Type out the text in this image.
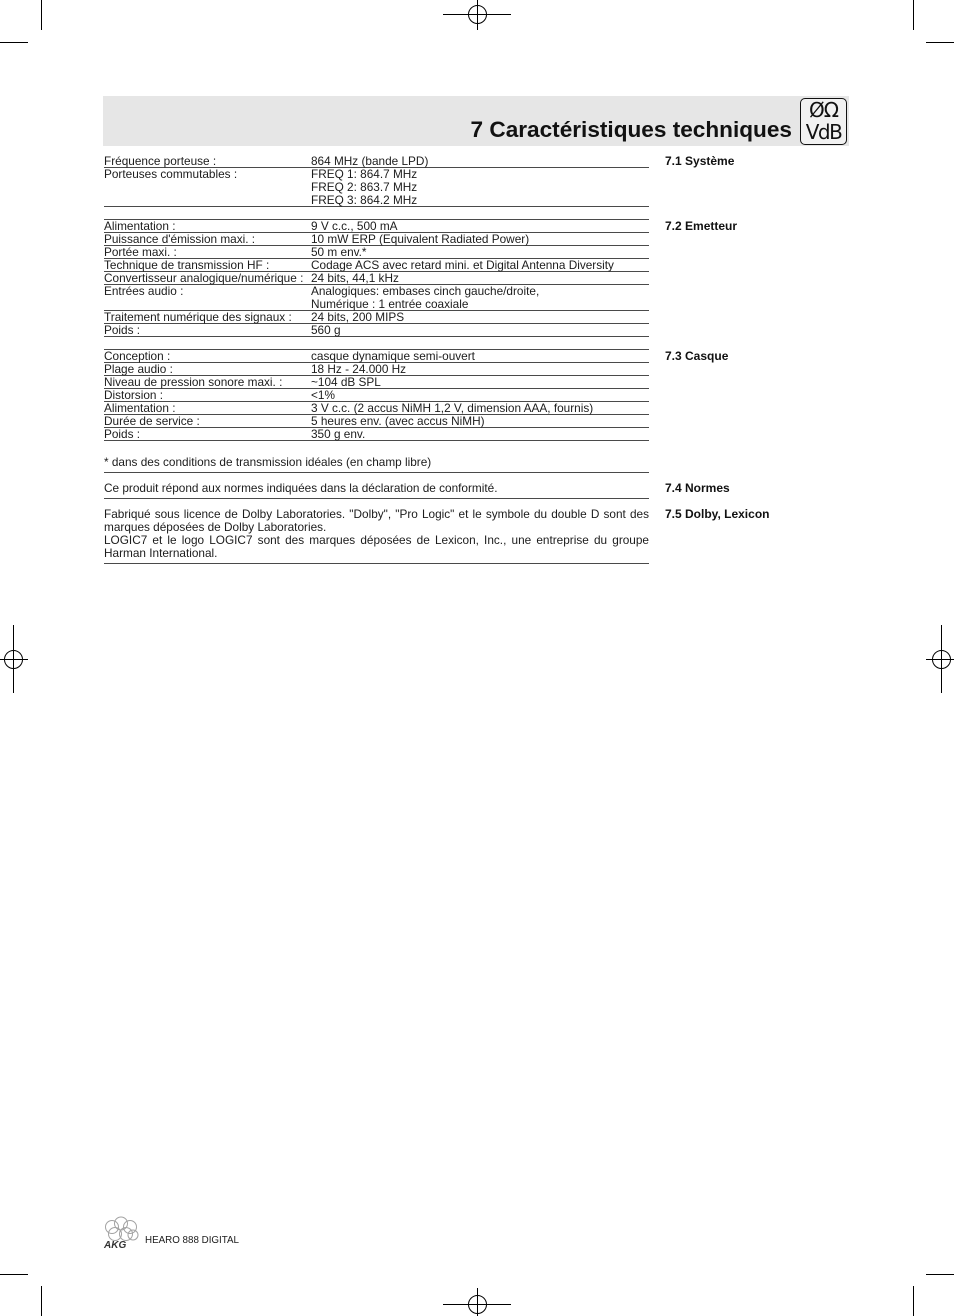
7 Caractéristiques techniques
ØΩ
VdB
Fréquence porteuse :	864 MHz (bande LPD)
Porteuses commutables :	FREQ 1: 864.7 MHz
FREQ 2: 863.7 MHz
FREQ 3: 864.2 MHz
Alimentation :	9 V c.c., 500 mA
Puissance d'émission maxi. :	10 mW ERP (Equivalent Radiated Power)
Portée maxi. :	50 m env.*
Technique de transmission HF :	Codage ACS avec retard mini. et Digital Antenna Diversity
Convertisseur analogique/numérique : 24 bits, 44,1 kHz
Entrées audio :	Analogiques: embases cinch gauche/droite,
Numérique : 1 entrée coaxiale
Traitement numérique des signaux :	24 bits, 200 MIPS
Poids :	560 g
Conception :	casque dynamique semi-ouvert
Plage audio :	18 Hz - 24.000 Hz
Niveau de pression sonore maxi. :	~104 dB SPL
Distorsion :	<1%
Alimentation :	3 V c.c. (2 accus NiMH 1,2 V, dimension AAA, fournis)
Durée de service :	5 heures env. (avec accus NiMH)
Poids :	350 g env.
7.1 Système
7.2 Emetteur
7.3 Casque
7.4 Normes
7.5 Dolby, Lexicon
* dans des conditions de transmission idéales (en champ libre)
Ce produit répond aux normes indiquées dans la déclaration de conformité.

Fabriqué sous licence de Dolby Laboratories. "Dolby", "Pro Logic" et le symbole du double D sont des marques déposées de Dolby Laboratories.

LOGIC7 et le logo LOGIC7 sont des marques déposées de Lexicon, Inc., une entreprise du groupe Harman International.

AKG HEARO 888 DIGITAL
